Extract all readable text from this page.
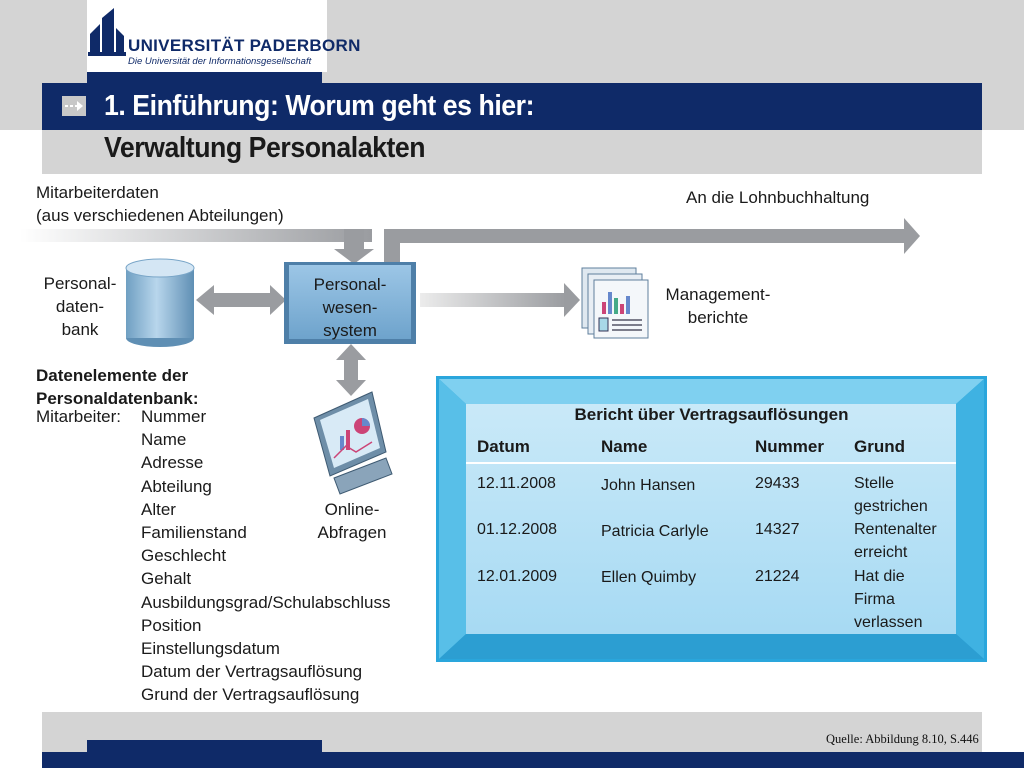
UNIVERSITÄT PADERBORN
Die Universität der Informationsgesellschaft
1. Einführung: Worum geht es hier:
Verwaltung Personalakten
Mitarbeiterdaten
(aus verschiedenen Abteilungen)
An die Lohnbuchhaltung
Personal-
daten-
bank
Personal-
wesen-
system
Management-
berichte
Online-
Abfragen
Datenelemente der
Personaldatenbank:
Mitarbeiter: Nummer
Name
Adresse
Abteilung
Alter
Familienstand
Geschlecht
Gehalt
Ausbildungsgrad/Schulabschluss
Position
Einstellungsdatum
Datum der Vertragsauflösung
Grund der Vertragsauflösung
Bericht über Vertragsauflösungen
Datum	Name	Nummer Grund
12.11.2008	John Hansen	29433	Stelle
gestrichen
01.12.2008	Patricia Carlyle	14327	Rentenalter
erreicht
12.01.2009	Ellen Quimby	21224	Hat die
Firma
verlassen
Quelle: Abbildung 8.10, S.446
